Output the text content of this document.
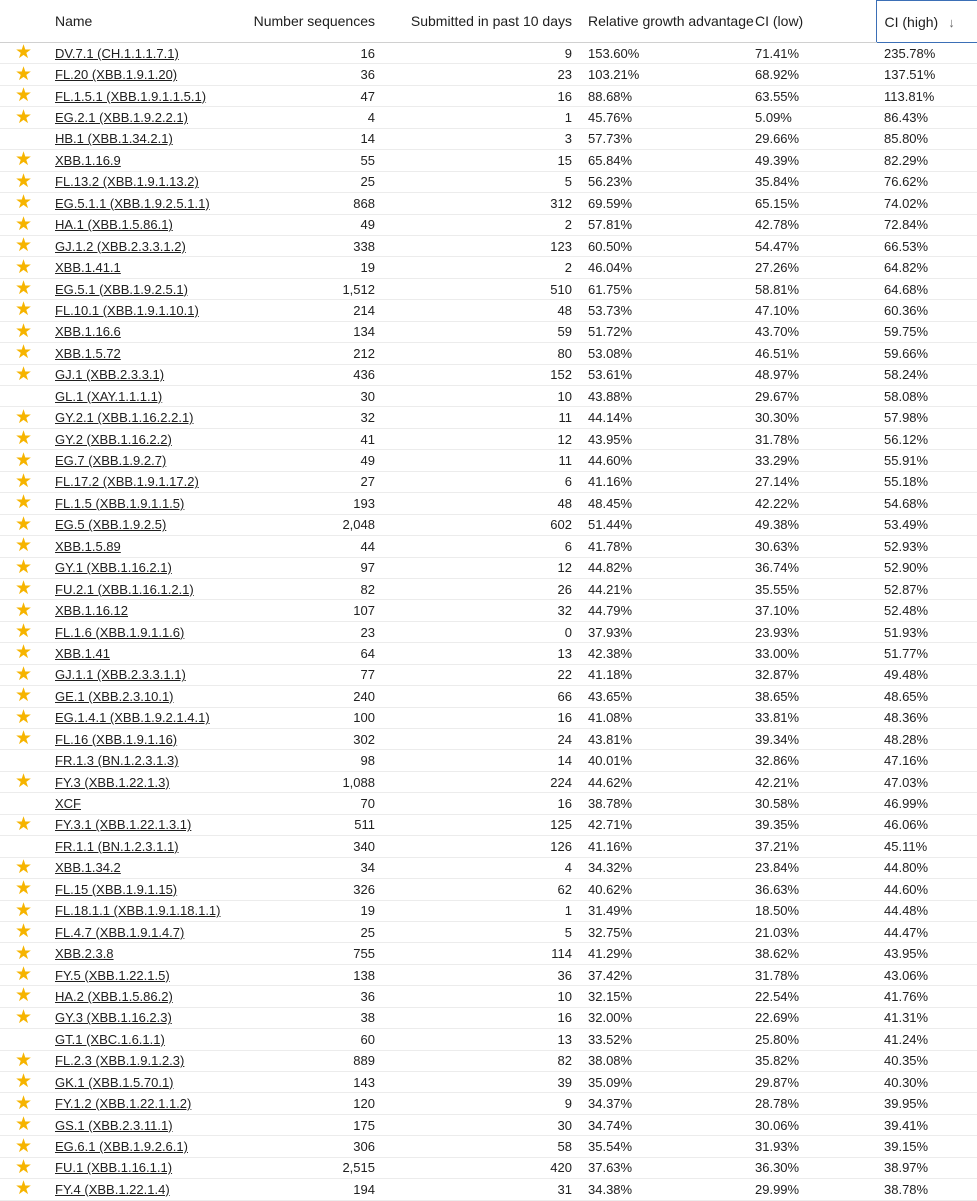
	Name	Number sequences	Submitted in past 10 days	Relative growth advantage	CI (low)	CI (high) ↓
★	DV.7.1 (CH.1.1.1.7.1)	16	9	153.60%	71.41%	235.78%
★	FL.20 (XBB.1.9.1.20)	36	23	103.21%	68.92%	137.51%
★	FL.1.5.1 (XBB.1.9.1.1.5.1)	47	16	88.68%	63.55%	113.81%
★	EG.2.1 (XBB.1.9.2.2.1)	4	1	45.76%	5.09%	86.43%
	HB.1 (XBB.1.34.2.1)	14	3	57.73%	29.66%	85.80%
★	XBB.1.16.9	55	15	65.84%	49.39%	82.29%
★	FL.13.2 (XBB.1.9.1.13.2)	25	5	56.23%	35.84%	76.62%
★	EG.5.1.1 (XBB.1.9.2.5.1.1)	868	312	69.59%	65.15%	74.02%
★	HA.1 (XBB.1.5.86.1)	49	2	57.81%	42.78%	72.84%
★	GJ.1.2 (XBB.2.3.3.1.2)	338	123	60.50%	54.47%	66.53%
★	XBB.1.41.1	19	2	46.04%	27.26%	64.82%
★	EG.5.1 (XBB.1.9.2.5.1)	1,512	510	61.75%	58.81%	64.68%
★	FL.10.1 (XBB.1.9.1.10.1)	214	48	53.73%	47.10%	60.36%
★	XBB.1.16.6	134	59	51.72%	43.70%	59.75%
★	XBB.1.5.72	212	80	53.08%	46.51%	59.66%
★	GJ.1 (XBB.2.3.3.1)	436	152	53.61%	48.97%	58.24%
	GL.1 (XAY.1.1.1.1)	30	10	43.88%	29.67%	58.08%
★	GY.2.1 (XBB.1.16.2.2.1)	32	11	44.14%	30.30%	57.98%
★	GY.2 (XBB.1.16.2.2)	41	12	43.95%	31.78%	56.12%
★	EG.7 (XBB.1.9.2.7)	49	11	44.60%	33.29%	55.91%
★	FL.17.2 (XBB.1.9.1.17.2)	27	6	41.16%	27.14%	55.18%
★	FL.1.5 (XBB.1.9.1.1.5)	193	48	48.45%	42.22%	54.68%
★	EG.5 (XBB.1.9.2.5)	2,048	602	51.44%	49.38%	53.49%
★	XBB.1.5.89	44	6	41.78%	30.63%	52.93%
★	GY.1 (XBB.1.16.2.1)	97	12	44.82%	36.74%	52.90%
★	FU.2.1 (XBB.1.16.1.2.1)	82	26	44.21%	35.55%	52.87%
★	XBB.1.16.12	107	32	44.79%	37.10%	52.48%
★	FL.1.6 (XBB.1.9.1.1.6)	23	0	37.93%	23.93%	51.93%
★	XBB.1.41	64	13	42.38%	33.00%	51.77%
★	GJ.1.1 (XBB.2.3.3.1.1)	77	22	41.18%	32.87%	49.48%
★	GE.1 (XBB.2.3.10.1)	240	66	43.65%	38.65%	48.65%
★	EG.1.4.1 (XBB.1.9.2.1.4.1)	100	16	41.08%	33.81%	48.36%
★	FL.16 (XBB.1.9.1.16)	302	24	43.81%	39.34%	48.28%
	FR.1.3 (BN.1.2.3.1.3)	98	14	40.01%	32.86%	47.16%
★	FY.3 (XBB.1.22.1.3)	1,088	224	44.62%	42.21%	47.03%
	XCF	70	16	38.78%	30.58%	46.99%
★	FY.3.1 (XBB.1.22.1.3.1)	511	125	42.71%	39.35%	46.06%
	FR.1.1 (BN.1.2.3.1.1)	340	126	41.16%	37.21%	45.11%
★	XBB.1.34.2	34	4	34.32%	23.84%	44.80%
★	FL.15 (XBB.1.9.1.15)	326	62	40.62%	36.63%	44.60%
★	FL.18.1.1 (XBB.1.9.1.18.1.1)	19	1	31.49%	18.50%	44.48%
★	FL.4.7 (XBB.1.9.1.4.7)	25	5	32.75%	21.03%	44.47%
★	XBB.2.3.8	755	114	41.29%	38.62%	43.95%
★	FY.5 (XBB.1.22.1.5)	138	36	37.42%	31.78%	43.06%
★	HA.2 (XBB.1.5.86.2)	36	10	32.15%	22.54%	41.76%
★	GY.3 (XBB.1.16.2.3)	38	16	32.00%	22.69%	41.31%
	GT.1 (XBC.1.6.1.1)	60	13	33.52%	25.80%	41.24%
★	FL.2.3 (XBB.1.9.1.2.3)	889	82	38.08%	35.82%	40.35%
★	GK.1 (XBB.1.5.70.1)	143	39	35.09%	29.87%	40.30%
★	FY.1.2 (XBB.1.22.1.1.2)	120	9	34.37%	28.78%	39.95%
★	GS.1 (XBB.2.3.11.1)	175	30	34.74%	30.06%	39.41%
★	EG.6.1 (XBB.1.9.2.6.1)	306	58	35.54%	31.93%	39.15%
★	FU.1 (XBB.1.16.1.1)	2,515	420	37.63%	36.30%	38.97%
★	FY.4 (XBB.1.22.1.4)	194	31	34.38%	29.99%	38.78%
